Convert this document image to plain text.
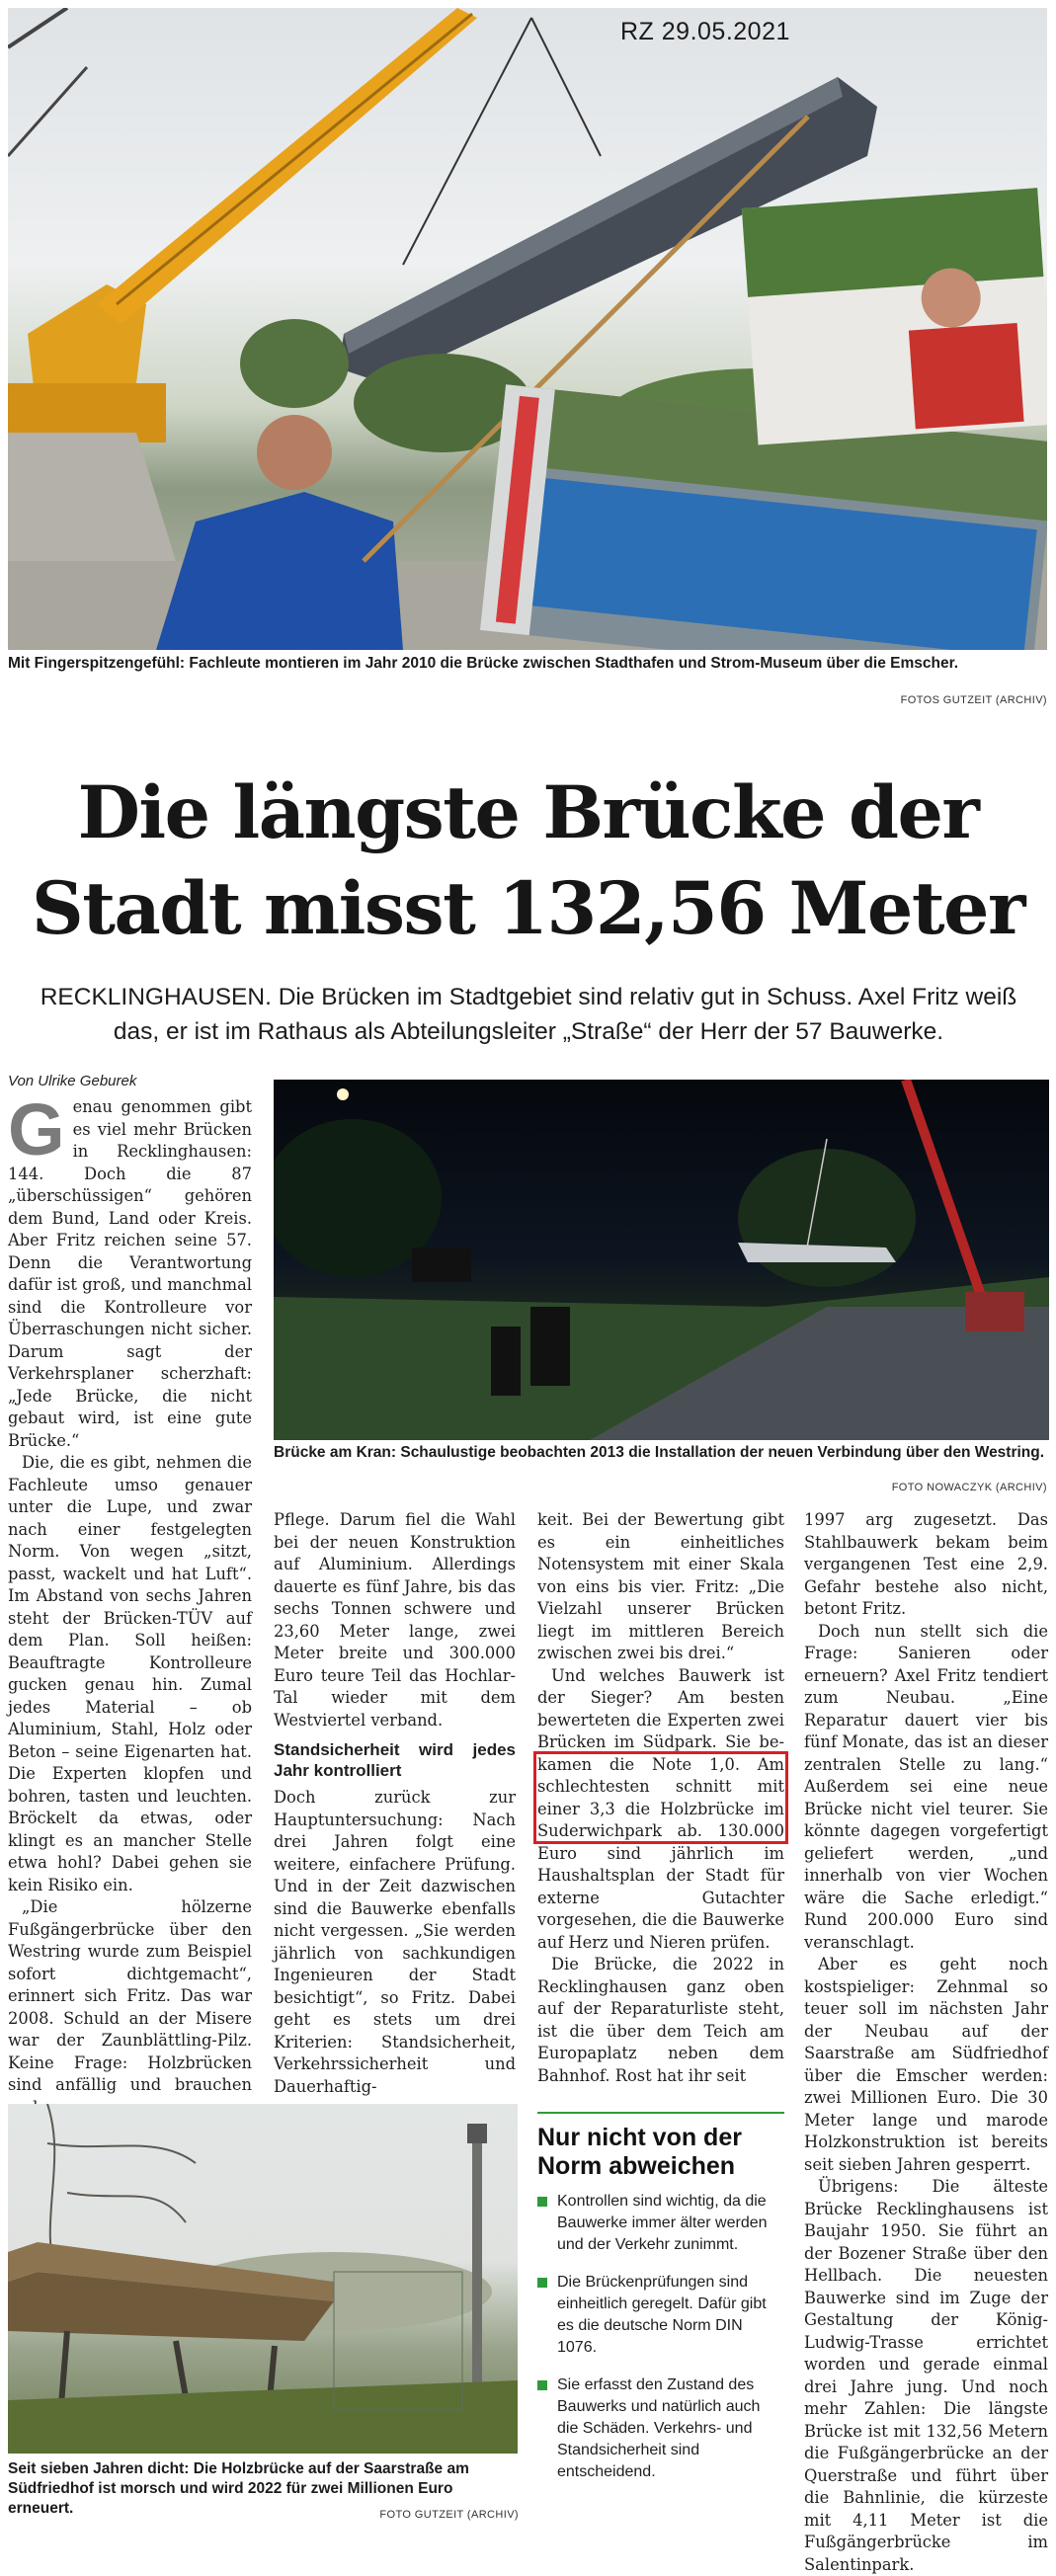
RZ 29.05.2021
Mit Fingerspitzengefühl: Fachleute montieren im Jahr 2010 die Brücke zwischen Stadthafen und Strom-Museum über die Emscher.
FOTOS GUTZEIT (ARCHIV)
Die längste Brücke der
Stadt misst 132,56 Meter
RECKLINGHAUSEN. Die Brücken im Stadtgebiet sind relativ gut in Schuss. Axel Fritz weiß das, er ist im Rathaus als Abteilungsleiter „Straße“ der Herr der 57 Bauwerke.
Von Ulrike Geburek
Brücke am Kran: Schaulustige beobachten 2013 die Installation der neuen Verbindung über den Westring.
FOTO NOWACZYK (ARCHIV)

Genau genommen gibt es viel mehr Brücken in Recklinghausen: 144. Doch die 87 „überschüssigen“ gehören dem Bund, Land oder Kreis. Aber Fritz reichen seine 57. Denn die Verantwortung dafür ist groß, und manchmal sind die Kontrolleure vor Überraschungen nicht sicher. Darum sagt der Verkehrsplaner scherzhaft: „Jede Brücke, die nicht gebaut wird, ist eine gute Brücke.“

Die, die es gibt, nehmen die Fachleute umso genauer unter die Lupe, und zwar nach einer festgelegten Norm. Von wegen „sitzt, passt, wackelt und hat Luft“. Im Abstand von sechs Jahren steht der Brücken-TÜV auf dem Plan. Soll heißen: Beauftragte Kontrolleure gucken genau hin. Zumal jedes Material – ob Aluminium, Stahl, Holz oder Beton – seine Eigenarten hat. Die Experten klopfen und bohren, tasten und leuchten. Bröckelt da etwas, oder klingt es an mancher Stelle etwa hohl? Dabei gehen sie kein Risiko ein.

„Die hölzerne Fußgängerbrücke über den Westring wurde zum Beispiel sofort dichtgemacht“, erinnert sich Fritz. Das war 2008. Schuld an der Misere war der Zaunblättling-Pilz. Keine Frage: Holzbrücken sind anfällig und brauchen

Pflege. Darum fiel die Wahl bei der neuen Konstruktion auf Aluminium. Allerdings dauerte es fünf Jahre, bis das sechs Tonnen schwere und 23,60 Meter lange, zwei Meter breite und 300.000 Euro teure Teil das Hochlar-Tal wieder mit dem Westviertel verband.

Standsicherheit wird jedes Jahr kontrolliert

Doch zurück zur Hauptuntersuchung: Nach drei Jahren folgt eine weitere, einfachere Prüfung. Und in der Zeit dazwischen sind die Bauwerke ebenfalls nicht vergessen. „Sie werden jährlich von sachkundigen Ingenieuren der Stadt besichtigt“, so Fritz. Dabei geht es stets um drei Kriterien: Standsicherheit, Verkehrssicherheit und Dauerhaftig-

keit. Bei der Bewertung gibt es ein einheitliches Notensystem mit einer Skala von eins bis vier. Fritz: „Die Vielzahl unserer Brücken liegt im mittleren Bereich zwischen zwei bis drei.“

Und welches Bauwerk ist der Sieger? Am besten bewerteten die Experten zwei Brücken im Südpark. Sie be- kamen die Note 1,0. Am schlechtesten schnitt mit einer 3,3 die Holzbrücke im Suderwichpark ab. 130.000 Euro sind jährlich im Haushaltsplan der Stadt für externe Gutachter vorgesehen, die die Bauwerke auf Herz und Nieren prüfen.

Die Brücke, die 2022 in Recklinghausen ganz oben auf der Reparaturliste steht, ist die über dem Teich am Europaplatz neben dem Bahnhof. Rost hat ihr seit

1997 arg zugesetzt. Das Stahlbauwerk bekam beim vergangenen Test eine 2,9. Gefahr bestehe also nicht, betont Fritz.

Doch nun stellt sich die Frage: Sanieren oder erneuern? Axel Fritz tendiert zum Neubau. „Eine Reparatur dauert vier bis fünf Monate, das ist an dieser zentralen Stelle zu lang.“ Außerdem sei eine neue Brücke nicht viel teurer. Sie könnte dagegen vorgefertigt geliefert werden, „und innerhalb von vier Wochen wäre die Sache erledigt.“ Rund 200.000 Euro sind veranschlagt.

Aber es geht noch kostspieliger: Zehnmal so teuer soll im nächsten Jahr der Neubau auf der Saarstraße am Südfriedhof über die Emscher werden: zwei Millionen Euro. Die 30 Meter lange und marode Holzkonstruktion ist bereits seit sieben Jahren gesperrt.

Übrigens: Die älteste Brücke Recklinghausens ist Baujahr 1950. Sie führt an der Bozener Straße über den Hellbach. Die neuesten Bauwerke sind im Zuge der Gestaltung der König-Ludwig-Trasse errichtet worden und gerade einmal drei Jahre jung. Und noch mehr Zahlen: Die längste Brücke ist mit 132,56 Metern die Fußgängerbrücke an der Querstraße und führt über die Bahnlinie, die kürzeste mit 4,11 Meter ist die Fußgängerbrücke im Salentinpark.

Seit sieben Jahren dicht: Die Holzbrücke auf der Saarstraße am Südfriedhof ist morsch und wird 2022 für zwei Millionen Euro erneuert.	FOTO GUTZEIT (ARCHIV)
Nur nicht von der Norm abweichen
Kontrollen sind wichtig, da die Bauwerke immer älter werden und der Verkehr zunimmt.
Die Brückenprüfungen sind einheitlich geregelt. Dafür gibt es die deutsche Norm DIN 1076.
Sie erfasst den Zustand des Bauwerks und natürlich auch die Schäden. Verkehrs- und Standsicherheit sind entscheidend.
